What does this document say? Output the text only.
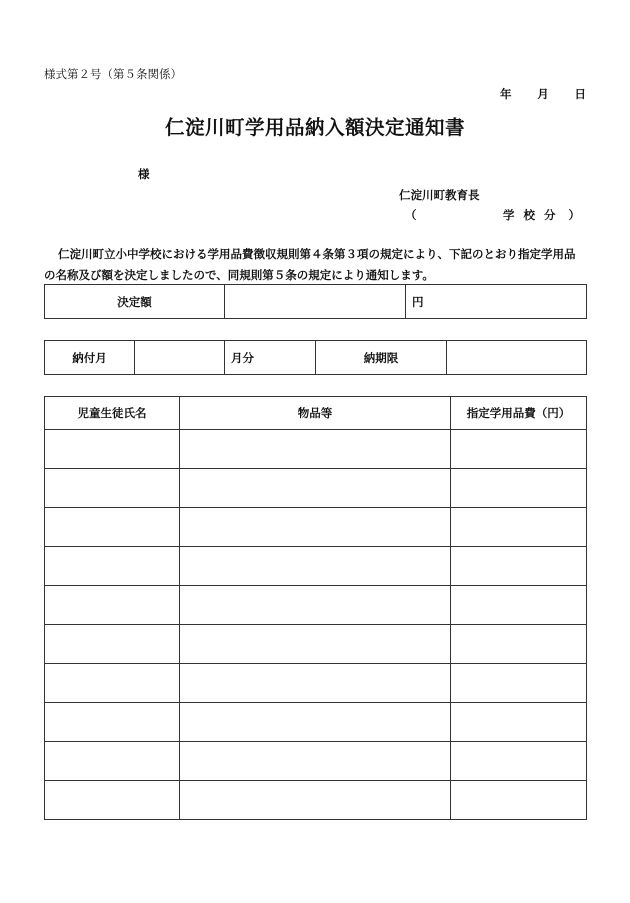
様式第２号（第５条関係）
年 月 日
仁淀川町学用品納入額決定通知書
様
仁淀川町教育長
（	学校分 ）
仁淀川町立小中学校における学用品費徴収規則第４条第３項の規定により、下記のとおり指定学用品
の名称及び額を決定しましたので、同規則第５条の規定により通知します。
決定額		円
納付月		月分	納期限	
児童生徒氏名	物品等	指定学用品費（円）
